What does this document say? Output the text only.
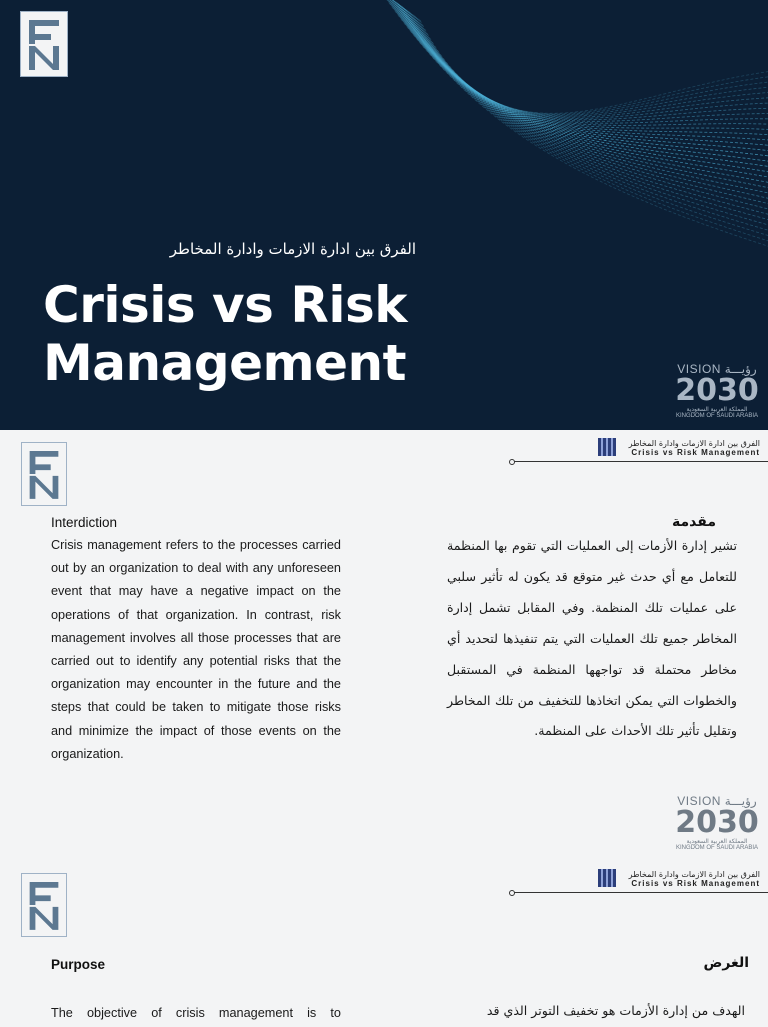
الفرق بين ادارة الازمات وادارة المخاطر
Crisis vs Risk
Management	VISION رؤيـــة
2030
المملكة العربية السعودية
KINGDOM OF SAUDI ARABIA
الفرق بين ادارة الازمات وادارة المخاطر
Crisis vs Risk Management
Interdiction	مقدمة
Crisis management refers to the processes carried out by an organization to deal with any unforeseen event that may have a negative impact on the operations of that organization. In contrast, risk management involves all those processes that are carried out to identify any potential risks that the organization may encounter in the future and the steps that could be taken to mitigate those risks and minimize the impact of those events on the organization.
تشير إدارة الأزمات إلى العمليات التي تقوم بها المنظمة للتعامل مع أي حدث غير متوقع قد يكون له تأثير سلبي على عمليات تلك المنظمة. وفي المقابل تشمل إدارة المخاطر جميع تلك العمليات التي يتم تنفيذها لتحديد أي مخاطر محتملة قد تواجهها المنظمة في المستقبل والخطوات التي يمكن اتخاذها للتخفيف من تلك المخاطر وتقليل تأثير تلك الأحداث على المنظمة.
VISION رؤيـــة
2030
المملكة العربية السعودية
KINGDOM OF SAUDI ARABIA
الفرق بين ادارة الازمات وادارة المخاطر
Crisis vs Risk Management
Purpose	الغرض
The objective of crisis management is to	الهدف من إدارة الأزمات هو تخفيف التوتر الذي قد
